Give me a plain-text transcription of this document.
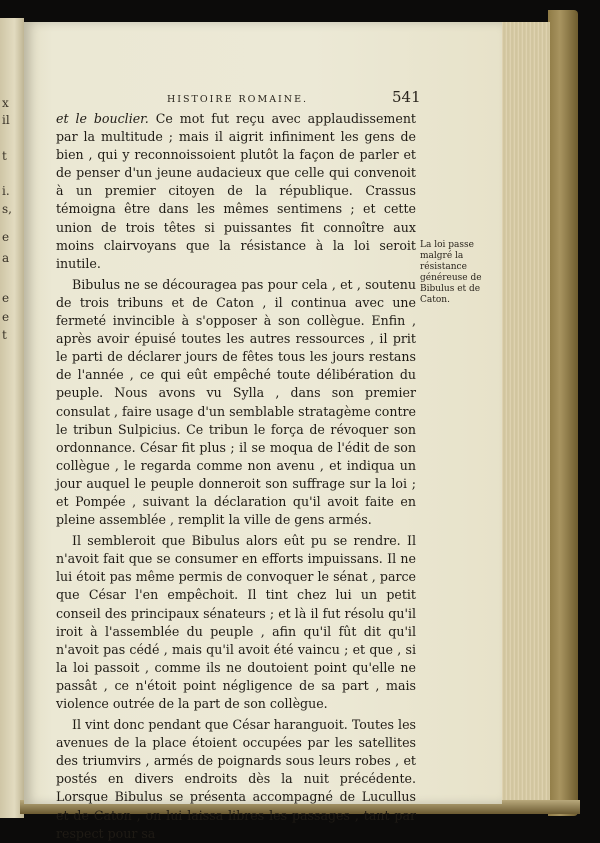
x
il
t
i.
s,
e
a
e
e
t
HISTOIRE ROMAINE.	541

et le bouclier. Ce mot fut reçu avec applaudissement par la multitude ; mais il aigrit infiniment les gens de bien , qui y reconnoissoient plutôt la façon de parler et de penser d'un jeune audacieux que celle qui convenoit à un premier citoyen de la république. Crassus témoigna être dans les mêmes sentimens ; et cette union de trois têtes si puissantes fit connoître aux moins clairvoyans que la résistance à la loi seroit inutile.

Bibulus ne se découragea pas pour cela , et , soutenu de trois tribuns et de Caton , il continua avec une fermeté invincible à s'opposer à son collègue. Enfin , après avoir épuisé toutes les autres ressources , il prit le parti de déclarer jours de fêtes tous les jours restans de l'année , ce qui eût empêché toute délibération du peuple. Nous avons vu Sylla , dans son premier consulat , faire usage d'un semblable stratagème contre le tribun Sulpicius. Ce tribun le força de révoquer son ordonnance. César fit plus ; il se moqua de l'édit de son collègue , le regarda comme non avenu , et indiqua un jour auquel le peuple donneroit son suffrage sur la loi ; et Pompée , suivant la déclaration qu'il avoit faite en pleine assemblée , remplit la ville de gens armés.

Il sembleroit que Bibulus alors eût pu se rendre. Il n'avoit fait que se consumer en efforts impuissans. Il ne lui étoit pas même permis de convoquer le sénat , parce que César l'en empêchoit. Il tint chez lui un petit conseil des principaux sénateurs ; et là il fut résolu qu'il iroit à l'assemblée du peuple , afin qu'il fût dit qu'il n'avoit pas cédé , mais qu'il avoit été vaincu ; et que , si la loi passoit , comme ils ne doutoient point qu'elle ne passât , ce n'étoit point négligence de sa part , mais violence outrée de la part de son collègue.

Il vint donc pendant que César haranguoit. Toutes les avenues de la place étoient occupées par les satellites des triumvirs , armés de poignards sous leurs robes , et postés en divers endroits dès la nuit précédente. Lorsque Bibulus se présenta accompagné de Lucullus et de Caton , on lui laissa libres les passages , tant par respect pour sa

La loi passe malgré la résistance généreuse de Bibulus et de Caton.
